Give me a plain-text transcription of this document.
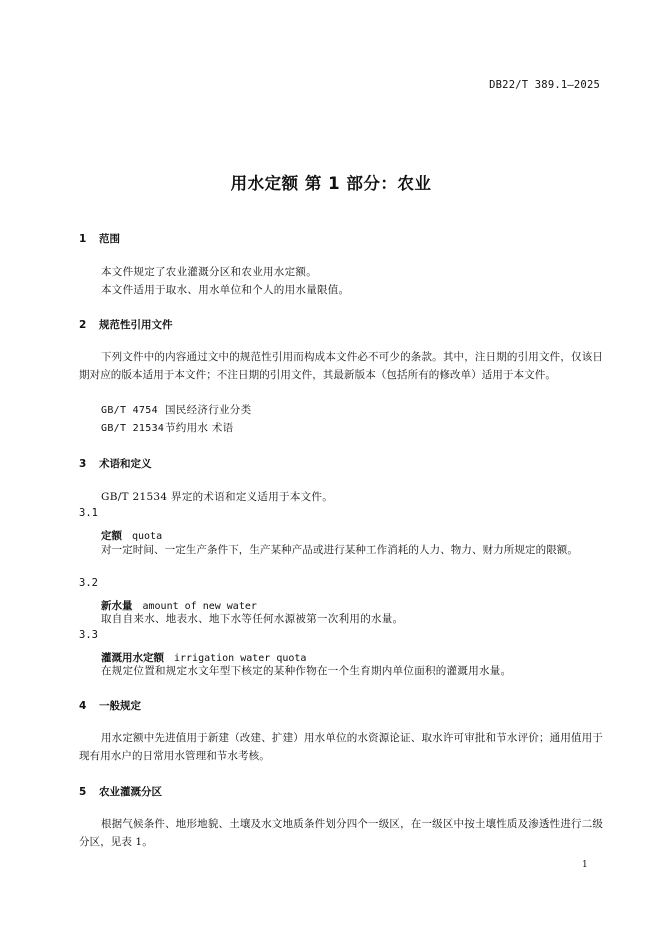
DB22/T 389.1—2025
用水定额 第 1 部分：农业
1 范围
本文件规定了农业灌溉分区和农业用水定额。
本文件适用于取水、用水单位和个人的用水量限值。
2 规范性引用文件
下列文件中的内容通过文中的规范性引用而构成本文件必不可少的条款。其中，注日期的引用文件，仅该日期对应的版本适用于本文件；不注日期的引用文件，其最新版本（包括所有的修改单）适用于本文件。
GB/T 4754 国民经济行业分类
GB/T 21534节约用水 术语
3 术语和定义
GB/T 21534 界定的术语和定义适用于本文件。
3.1
定额 quota
对一定时间、一定生产条件下，生产某种产品或进行某种工作消耗的人力、物力、财力所规定的限额。
3.2
新水量 amount of new water
取自自来水、地表水、地下水等任何水源被第一次利用的水量。
3.3
灌溉用水定额 irrigation water quota
在规定位置和规定水文年型下核定的某种作物在一个生育期内单位面积的灌溉用水量。
4 一般规定
用水定额中先进值用于新建（改建、扩建）用水单位的水资源论证、取水许可审批和节水评价；通用值用于现有用水户的日常用水管理和节水考核。
5 农业灌溉分区
根据气候条件、地形地貌、土壤及水文地质条件划分四个一级区，在一级区中按土壤性质及渗透性进行二级分区，见表 1。
1
